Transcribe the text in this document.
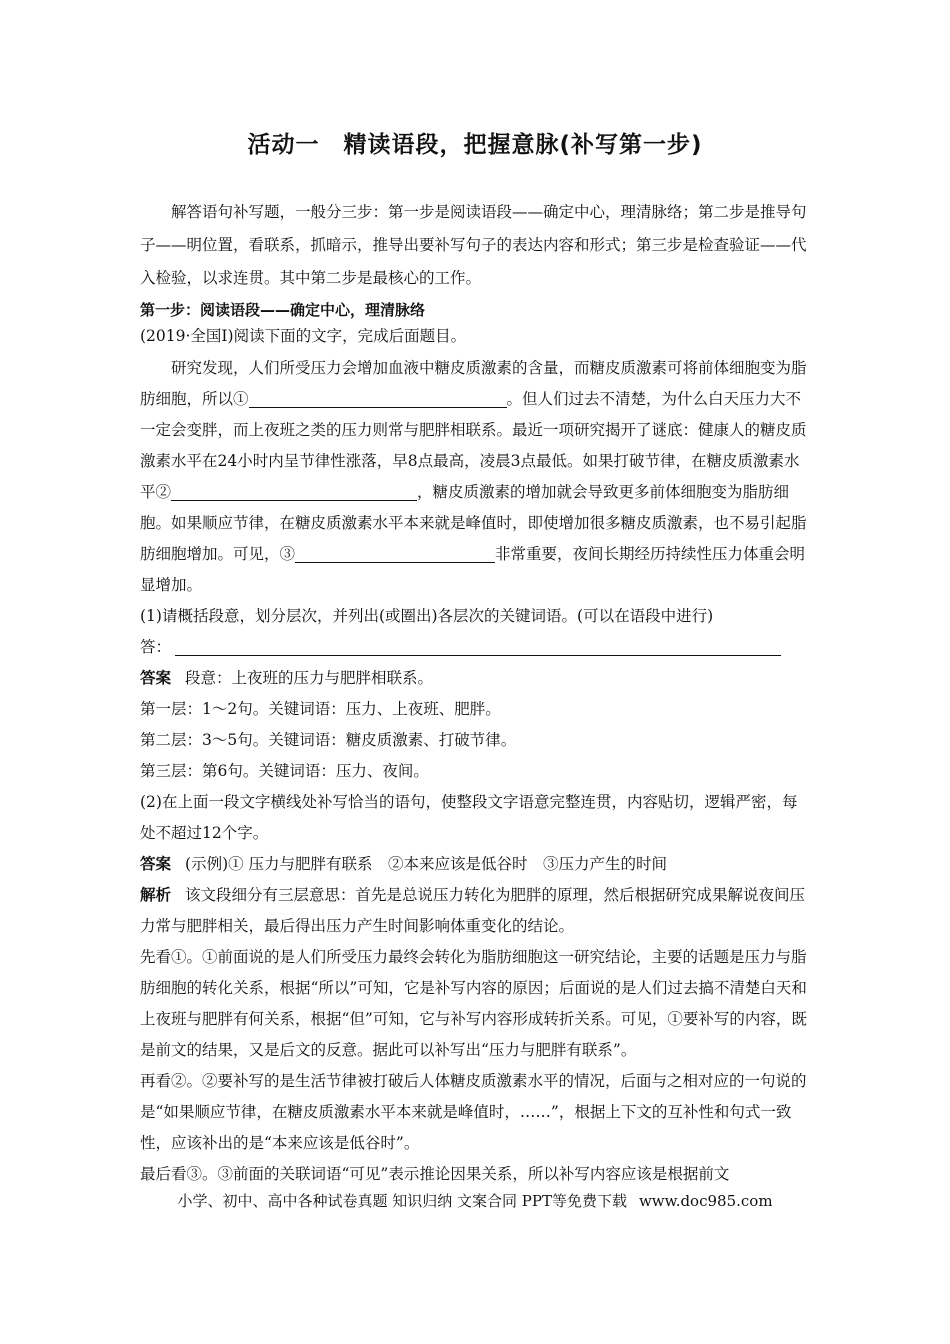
活动一　精读语段，把握意脉(补写第一步)

解答语句补写题，一般分三步：第一步是阅读语段——确定中心，理清脉络；第二步是推导句子——明位置，看联系，抓暗示，推导出要补写句子的表达内容和形式；第三步是检查验证——代入检验，以求连贯。其中第二步是最核心的工作。

第一步：阅读语段——确定中心，理清脉络

(2019·全国Ⅰ)阅读下面的文字，完成后面题目。

研究发现，人们所受压力会增加血液中糖皮质激素的含量，而糖皮质激素可将前体细胞变为脂肪细胞，所以①	。但人们过去不清楚，为什么白天压力大不一定会变胖，而上夜班之类的压力则常与肥胖相联系。最近一项研究揭开了谜底：健康人的糖皮质激素水平在24小时内呈节律性涨落，早8点最高，凌晨3点最低。如果打破节律，在糖皮质激素水平②	，糖皮质激素的增加就会导致更多前体细胞变为脂肪细胞。如果顺应节律，在糖皮质激素水平本来就是峰值时，即使增加很多糖皮质激素，也不易引起脂肪细胞增加。可见，③	非常重要，夜间长期经历持续性压力体重会明显增加。

(1)请概括段意，划分层次，并列出(或圈出)各层次的关键词语。(可以在语段中进行)

答：

答案 段意：上夜班的压力与肥胖相联系。

第一层：1～2句。关键词语：压力、上夜班、肥胖。

第二层：3～5句。关键词语：糖皮质激素、打破节律。

第三层：第6句。关键词语：压力、夜间。

(2)在上面一段文字横线处补写恰当的语句，使整段文字语意完整连贯，内容贴切，逻辑严密，每处不超过12个字。

答案 (示例)① 压力与肥胖有联系　②本来应该是低谷时　③压力产生的时间

解析 该文段细分有三层意思：首先是总说压力转化为肥胖的原理，然后根据研究成果解说夜间压力常与肥胖相关，最后得出压力产生时间影响体重变化的结论。

先看①。①前面说的是人们所受压力最终会转化为脂肪细胞这一研究结论，主要的话题是压力与脂肪细胞的转化关系，根据“所以”可知，它是补写内容的原因；后面说的是人们过去搞不清楚白天和上夜班与肥胖有何关系，根据“但”可知，它与补写内容形成转折关系。可见，①要补写的内容，既是前文的结果，又是后文的反意。据此可以补写出“压力与肥胖有联系”。

再看②。②要补写的是生活节律被打破后人体糖皮质激素水平的情况，后面与之相对应的一句说的是“如果顺应节律，在糖皮质激素水平本来就是峰值时，……”，根据上下文的互补性和句式一致性，应该补出的是“本来应该是低谷时”。

最后看③。③前面的关联词语“可见”表示推论因果关系，所以补写内容应该是根据前文

小学、初中、高中各种试卷真题 知识归纳 文案合同 PPT等免费下载 www.doc985.com
